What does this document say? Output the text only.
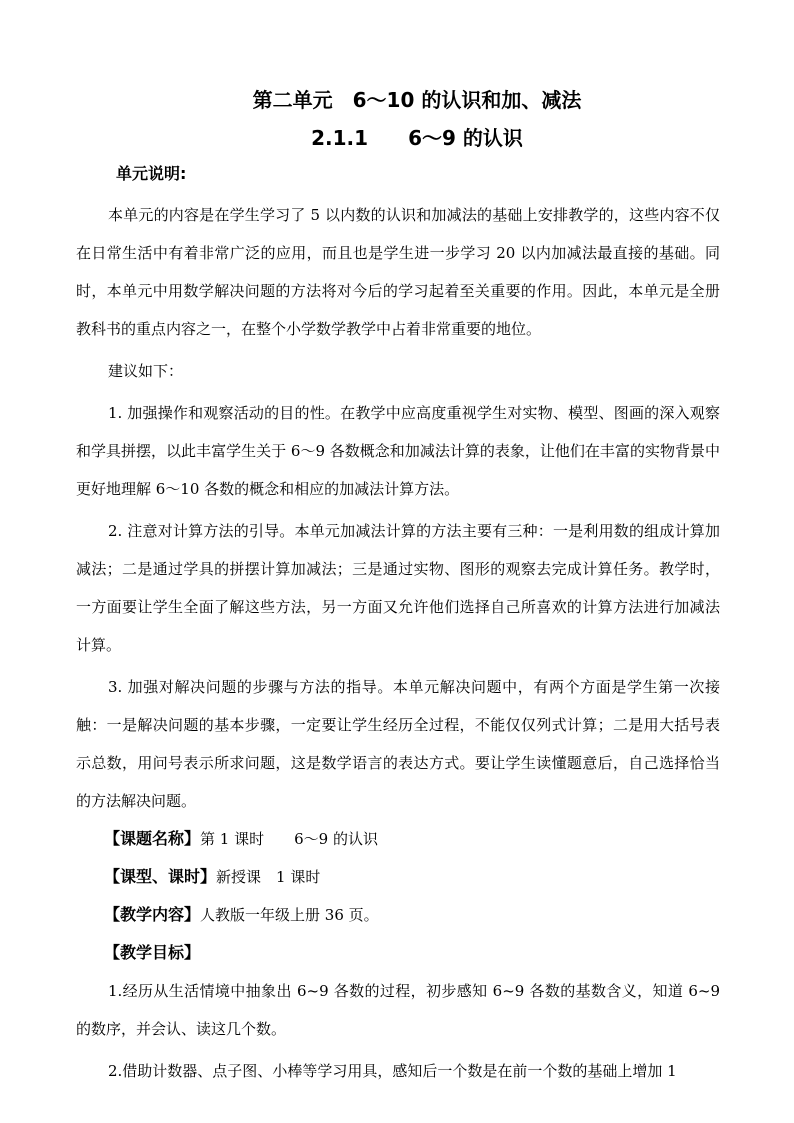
第二单元　6～10 的认识和加、减法
2.1.1　　6～9 的认识
单元说明:

本单元的内容是在学生学习了 5 以内数的认识和加减法的基础上安排教学的，这些内容不仅在日常生活中有着非常广泛的应用，而且也是学生进一步学习 20 以内加减法最直接的基础。同时，本单元中用数学解决问题的方法将对今后的学习起着至关重要的作用。因此，本单元是全册教科书的重点内容之一，在整个小学数学教学中占着非常重要的地位。

建议如下：

1. 加强操作和观察活动的目的性。在教学中应高度重视学生对实物、模型、图画的深入观察和学具拼摆，以此丰富学生关于 6～9 各数概念和加减法计算的表象，让他们在丰富的实物背景中更好地理解 6～10 各数的概念和相应的加减法计算方法。

2. 注意对计算方法的引导。本单元加减法计算的方法主要有三种：一是利用数的组成计算加减法；二是通过学具的拼摆计算加减法；三是通过实物、图形的观察去完成计算任务。教学时，一方面要让学生全面了解这些方法，另一方面又允许他们选择自己所喜欢的计算方法进行加减法计算。

3. 加强对解决问题的步骤与方法的指导。本单元解决问题中，有两个方面是学生第一次接触：一是解决问题的基本步骤，一定要让学生经历全过程，不能仅仅列式计算；二是用大括号表示总数，用问号表示所求问题，这是数学语言的表达方式。要让学生读懂题意后，自己选择恰当的方法解决问题。

【课题名称】第 1 课时　　6～9 的认识

【课型、课时】新授课　1 课时

【教学内容】人教版一年级上册 36 页。

【教学目标】

1.经历从生活情境中抽象出 6~9 各数的过程，初步感知 6~9 各数的基数含义，知道 6~9 的数序，并会认、读这几个数。

2.借助计数器、点子图、小棒等学习用具，感知后一个数是在前一个数的基础上增加 1
